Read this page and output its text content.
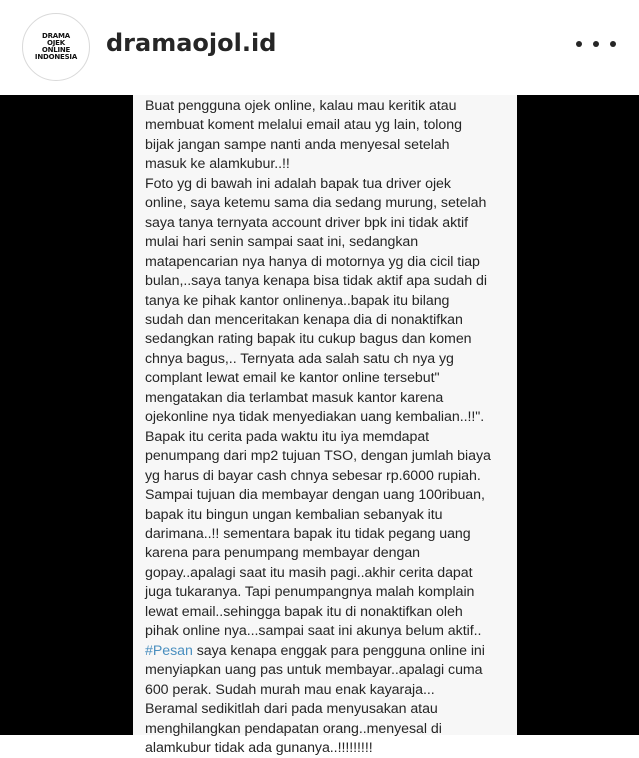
DRAMA
OJEK
ONLINE
INDONESIA dramaojol.id
Buat pengguna ojek online, kalau mau keritik atau
membuat koment melalui email atau yg lain, tolong
bijak jangan sampe nanti anda menyesal setelah
masuk ke alamkubur..!!
Foto yg di bawah ini adalah bapak tua driver ojek
online, saya ketemu sama dia sedang murung, setelah
saya tanya ternyata account driver bpk ini tidak aktif
mulai hari senin sampai saat ini, sedangkan
matapencarian nya hanya di motornya yg dia cicil tiap
bulan,..saya tanya kenapa bisa tidak aktif apa sudah di
tanya ke pihak kantor onlinenya..bapak itu bilang
sudah dan menceritakan kenapa dia di nonaktifkan
sedangkan rating bapak itu cukup bagus dan komen
chnya bagus,.. Ternyata ada salah satu ch nya yg
complant lewat email ke kantor online tersebut"
mengatakan dia terlambat masuk kantor karena
ojekonline nya tidak menyediakan uang kembalian..!!".
Bapak itu cerita pada waktu itu iya memdapat
penumpang dari mp2 tujuan TSO, dengan jumlah biaya
yg harus di bayar cash chnya sebesar rp.6000 rupiah.
Sampai tujuan dia membayar dengan uang 100ribuan,
bapak itu bingun ungan kembalian sebanyak itu
darimana..!! sementara bapak itu tidak pegang uang
karena para penumpang membayar dengan
gopay..apalagi saat itu masih pagi..akhir cerita dapat
juga tukaranya. Tapi penumpangnya malah komplain
lewat email..sehingga bapak itu di nonaktifkan oleh
pihak online nya...sampai saat ini akunya belum aktif..
#Pesan saya kenapa enggak para pengguna online ini
menyiapkan uang pas untuk membayar..apalagi cuma
600 perak. Sudah murah mau enak kayaraja...
Beramal sedikitlah dari pada menyusakan atau
menghilangkan pendapatan orang..menyesal di
alamkubur tidak ada gunanya..!!!!!!!!!
